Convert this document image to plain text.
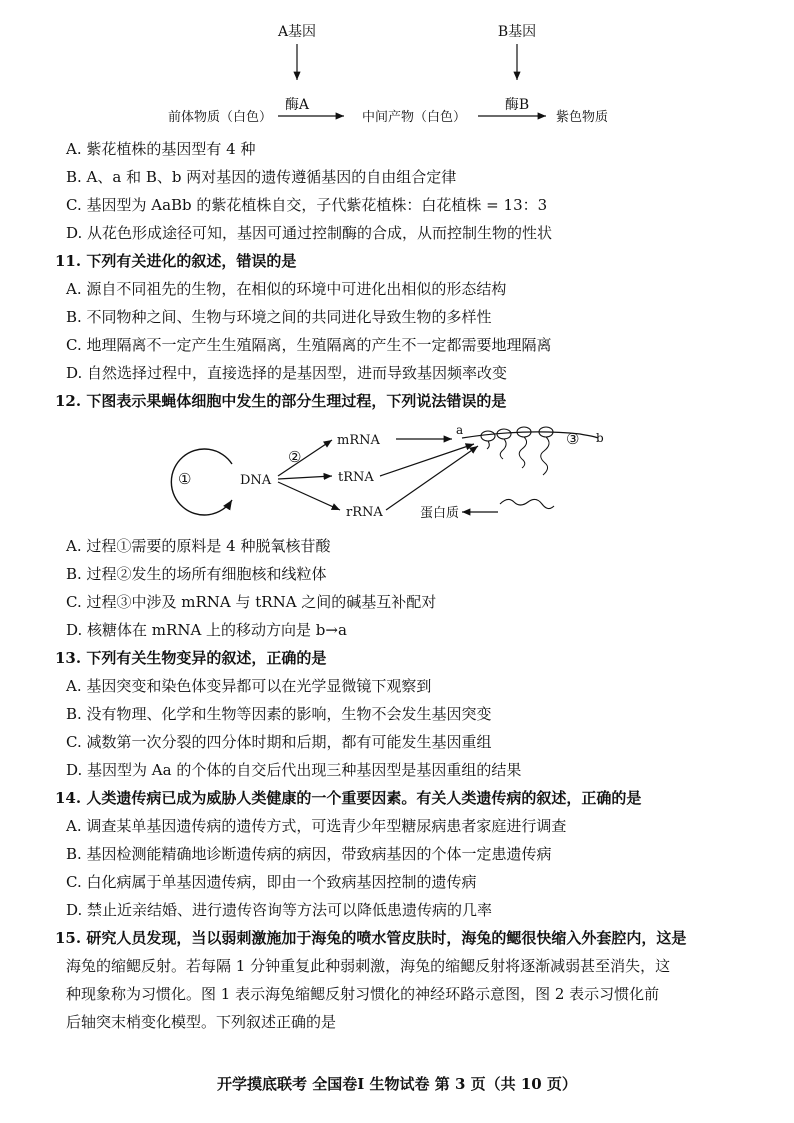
A基因
酶A
B基因
酶B
前体物质（白色）	中间产物（白色）	紫色物质
A. 紫花植株的基因型有 4 种
B. A、a 和 B、b 两对基因的遗传遵循基因的自由组合定律
C. 基因型为 AaBb 的紫花植株自交，子代紫花植株：白花植株 = 13：3
D. 从花色形成途径可知，基因可通过控制酶的合成，从而控制生物的性状
11. 下列有关进化的叙述，错误的是
A. 源自不同祖先的生物，在相似的环境中可进化出相似的形态结构
B. 不同物种之间、生物与环境之间的共同进化导致生物的多样性
C. 地理隔离不一定产生生殖隔离，生殖隔离的产生不一定都需要地理隔离
D. 自然选择过程中，直接选择的是基因型，进而导致基因频率改变
12. 下图表示果蝇体细胞中发生的部分生理过程，下列说法错误的是
①	DNA
②
mRNA
tRNA
rRNA
a
b
③
蛋白质
A. 过程①需要的原料是 4 种脱氧核苷酸
B. 过程②发生的场所有细胞核和线粒体
C. 过程③中涉及 mRNA 与 tRNA 之间的碱基互补配对
D. 核糖体在 mRNA 上的移动方向是 b→a
13. 下列有关生物变异的叙述，正确的是
A. 基因突变和染色体变异都可以在光学显微镜下观察到
B. 没有物理、化学和生物等因素的影响，生物不会发生基因突变
C. 减数第一次分裂的四分体时期和后期，都有可能发生基因重组
D. 基因型为 Aa 的个体的自交后代出现三种基因型是基因重组的结果
14. 人类遗传病已成为威胁人类健康的一个重要因素。有关人类遗传病的叙述，正确的是
A. 调查某单基因遗传病的遗传方式，可选青少年型糖尿病患者家庭进行调查
B. 基因检测能精确地诊断遗传病的病因，带致病基因的个体一定患遗传病
C. 白化病属于单基因遗传病，即由一个致病基因控制的遗传病
D. 禁止近亲结婚、进行遗传咨询等方法可以降低患遗传病的几率
15. 研究人员发现，当以弱刺激施加于海兔的喷水管皮肤时，海兔的鳃很快缩入外套腔内，这是
海兔的缩鳃反射。若每隔 1 分钟重复此种弱刺激，海兔的缩鳃反射将逐渐减弱甚至消失，这
种现象称为习惯化。图 1 表示海兔缩鳃反射习惯化的神经环路示意图，图 2 表示习惯化前
后轴突末梢变化模型。下列叙述正确的是
开学摸底联考 全国卷Ⅰ 生物试卷 第 3 页（共 10 页）
